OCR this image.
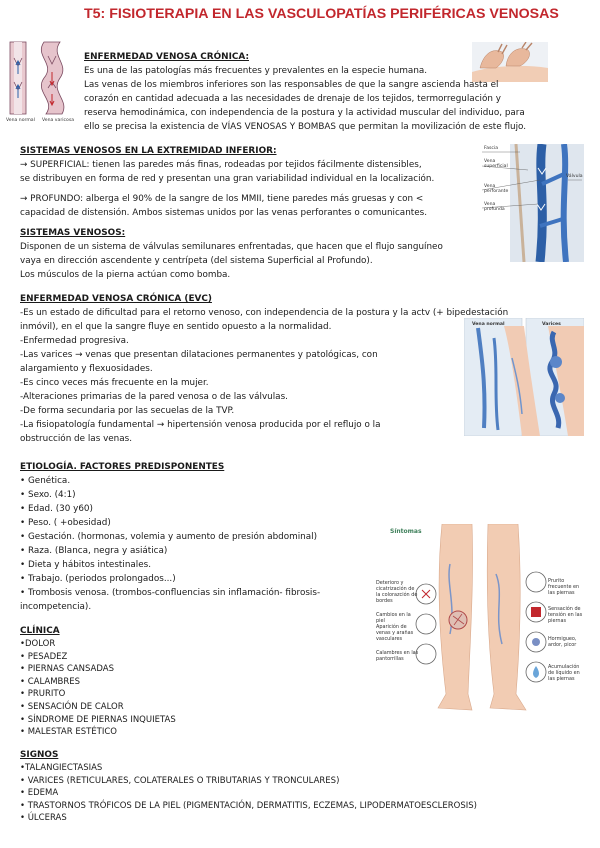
T5: FISIOTERAPIA EN LAS VASCULOPATÍAS PERIFÉRICAS VENOSAS
Vena normal Vena varicosa
ENFERMEDAD VENOSA CRÓNICA:
Es una de las patologías más frecuentes y prevalentes en la especie humana.
Las venas de los miembros inferiores son las responsables de que la sangre ascienda hasta el
corazón en cantidad adecuada a las necesidades de drenaje de los tejidos, termorregulación y
reserva hemodinámica, con independencia de la postura y la actividad muscular del individuo, para
ello se precisa la existencia de VÍAS VENOSAS Y BOMBAS que permitan la movilización de este flujo.
SISTEMAS VENOSOS EN LA EXTREMIDAD INFERIOR:
→ SUPERFICIAL: tienen las paredes más finas, rodeadas por tejidos fácilmente distensibles,
se distribuyen en forma de red y presentan una gran variabilidad individual en la localización.
→ PROFUNDO: alberga el 90% de la sangre de los MMII, tiene paredes más gruesas y con <
capacidad de distensión. Ambos sistemas unidos por las venas perforantes o comunicantes.
Fascia
Vena superficial
Vena perforante
Vena profunda
Válvula
SISTEMAS VENOSOS:
Disponen de un sistema de válvulas semilunares enfrentadas, que hacen que el flujo sanguíneo
vaya en dirección ascendente y centrípeta (del sistema Superficial al Profundo).
Los músculos de la pierna actúan como bomba.
ENFERMEDAD VENOSA CRÓNICA (EVC)
-Es un estado de dificultad para el retorno venoso, con independencia de la postura y la actv (+ bipedestación
inmóvil), en el que la sangre fluye en sentido opuesto a la normalidad.
-Enfermedad progresiva.
-Las varices → venas que presentan dilataciones permanentes y patológicas, con
alargamiento y flexuosidades.
-Es cinco veces más frecuente en la mujer.
-Alteraciones primarias de la pared venosa o de las válvulas.
-De forma secundaria por las secuelas de la TVP.
-La fisiopatología fundamental → hipertensión venosa producida por el reflujo o la
obstrucción de las venas.
Vena normal	Varices
ETIOLOGÍA. FACTORES PREDISPONENTES
• Genética.
• Sexo. (4:1)
• Edad. (30 y60)
• Peso. ( +obesidad)
• Gestación. (hormonas, volemia y aumento de presión abdominal)
• Raza. (Blanca, negra y asiática)
• Dieta y hábitos intestinales.
• Trabajo. (periodos prolongados...)
• Trombosis venosa. (trombos-confluencias sin inflamación- fibrosis-
incompetencia).
Síntomas
Deterioro y cicatrización de la colorazción de bordes
Cambios en la piel
Aparición de venas y arañas vasculares
Calambres en las pantorrillas
Prurito frecuente en las piernas
Sensación de tensión en las piernas
Hormigueo, ardor, picor
Acumulación de líquido en las piernas
CLÍNICA
•DOLOR
• PESADEZ
• PIERNAS CANSADAS
• CALAMBRES
• PRURITO
• SENSACIÓN DE CALOR
• SÍNDROME DE PIERNAS INQUIETAS
• MALESTAR ESTÉTICO
SIGNOS
•TALANGIECTASIAS
• VARICES (RETICULARES, COLATERALES O TRIBUTARIAS Y TRONCULARES)
• EDEMA
• TRASTORNOS TRÓFICOS DE LA PIEL (PIGMENTACIÓN, DERMATITIS, ECZEMAS, LIPODERMATOESCLEROSIS)
• ÚLCERAS
